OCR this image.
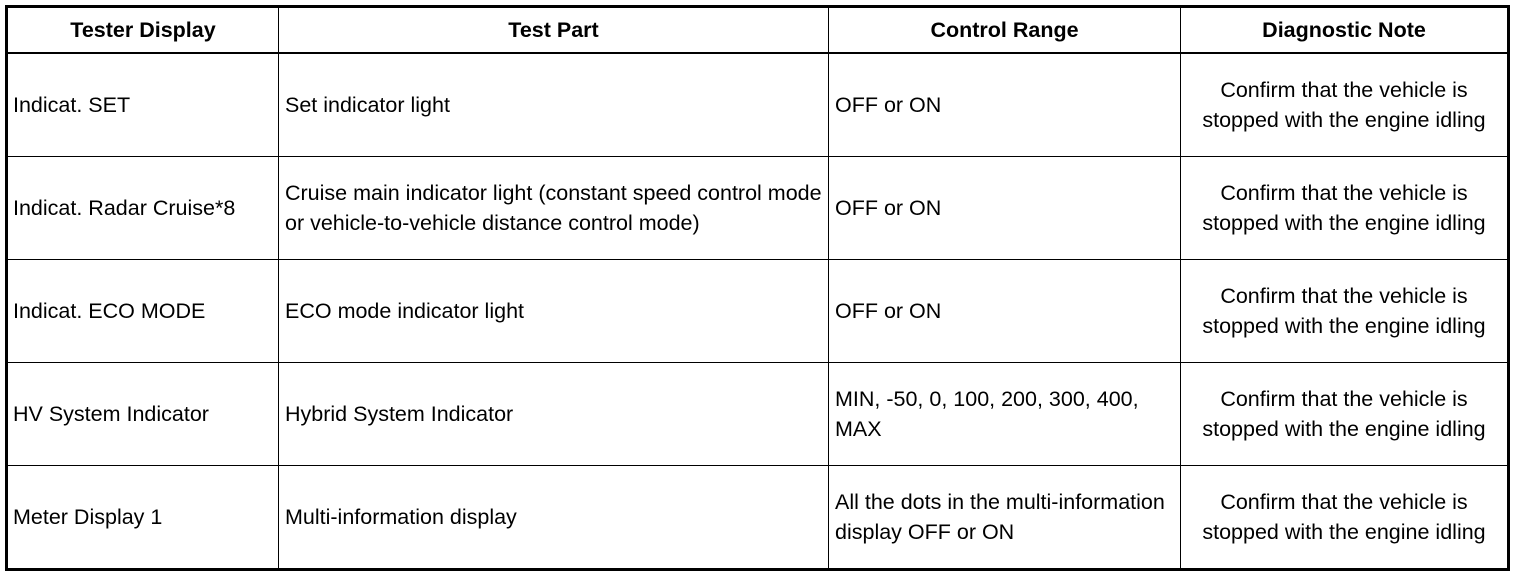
Tester Display	Test Part	Control Range	Diagnostic Note
Indicat. SET	Set indicator light	OFF or ON	Confirm that the vehicle is stopped with the engine idling
Indicat. Radar Cruise*8	Cruise main indicator light (constant speed control mode or vehicle-to-vehicle distance control mode)	OFF or ON	Confirm that the vehicle is stopped with the engine idling
Indicat. ECO MODE	ECO mode indicator light	OFF or ON	Confirm that the vehicle is stopped with the engine idling
HV System Indicator	Hybrid System Indicator	MIN, -50, 0, 100, 200, 300, 400, MAX	Confirm that the vehicle is stopped with the engine idling
Meter Display 1	Multi-information display	All the dots in the multi-information display OFF or ON	Confirm that the vehicle is stopped with the engine idling
